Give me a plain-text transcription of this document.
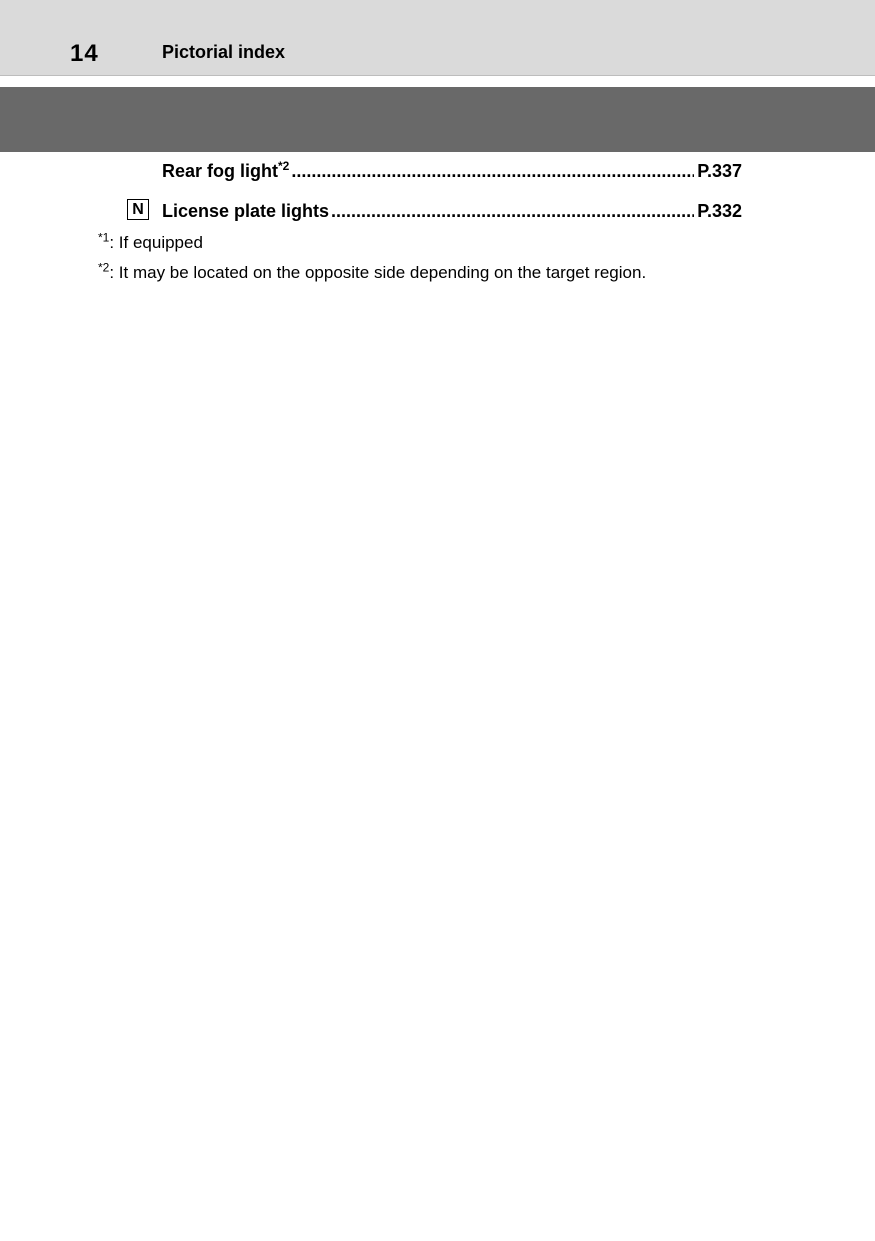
14	Pictorial index
Rear fog light$^{*2}$ .....	P.337
N License plate lights .....	P.332
$^{*1}$: If equipped
$^{*2}$: It may be located on the opposite side depending on the target region.
